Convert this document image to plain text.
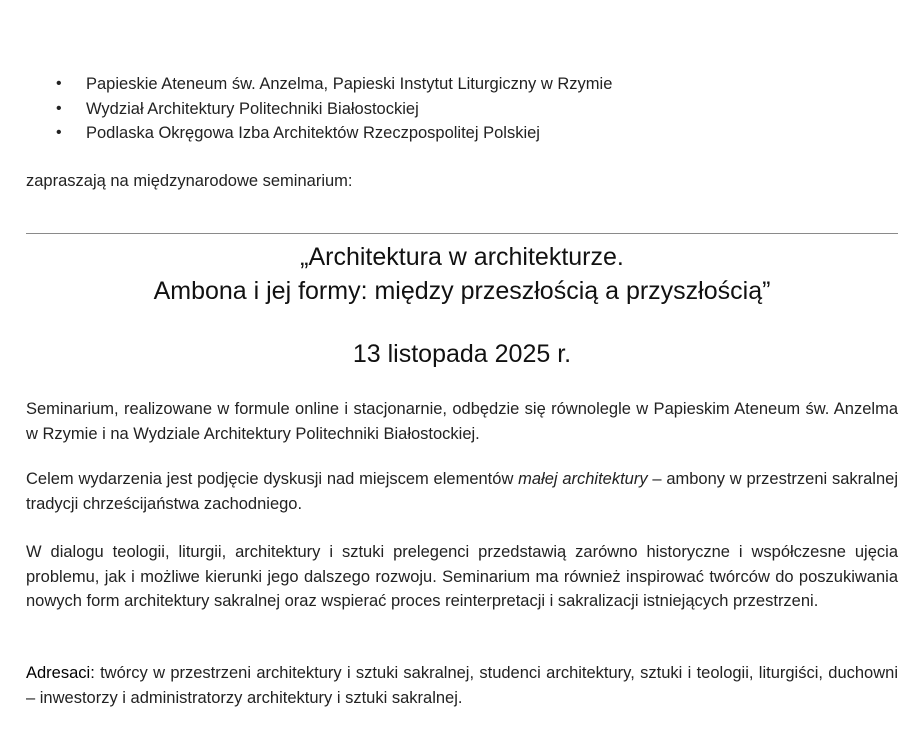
• Papieskie Ateneum św. Anzelma, Papieski Instytut Liturgiczny w Rzymie
• Wydział Architektury Politechniki Białostockiej
• Podlaska Okręgowa Izba Architektów Rzeczpospolitej Polskiej
zapraszają na międzynarodowe seminarium:
„Architektura w architekturze.
Ambona i jej formy: między przeszłością a przyszłością”
13 listopada 2025 r.

Seminarium, realizowane w formule online i stacjonarnie, odbędzie się równolegle w Papieskim Ateneum św. Anzelma w Rzymie i na Wydziale Architektury Politechniki Białostockiej.

Celem wydarzenia jest podjęcie dyskusji nad miejscem elementów małej architektury – ambony w przestrzeni sakralnej tradycji chrześcijaństwa zachodniego.

W dialogu teologii, liturgii, architektury i sztuki prelegenci przedstawią zarówno historyczne i współczesne ujęcia problemu, jak i możliwe kierunki jego dalszego rozwoju. Seminarium ma również inspirować twórców do poszukiwania nowych form architektury sakralnej oraz wspierać proces reinterpretacji i sakralizacji istniejących przestrzeni.

Adresaci: twórcy w przestrzeni architektury i sztuki sakralnej, studenci architektury, sztuki i teologii, liturgiści, duchowni – inwestorzy i administratorzy architektury i sztuki sakralnej.
